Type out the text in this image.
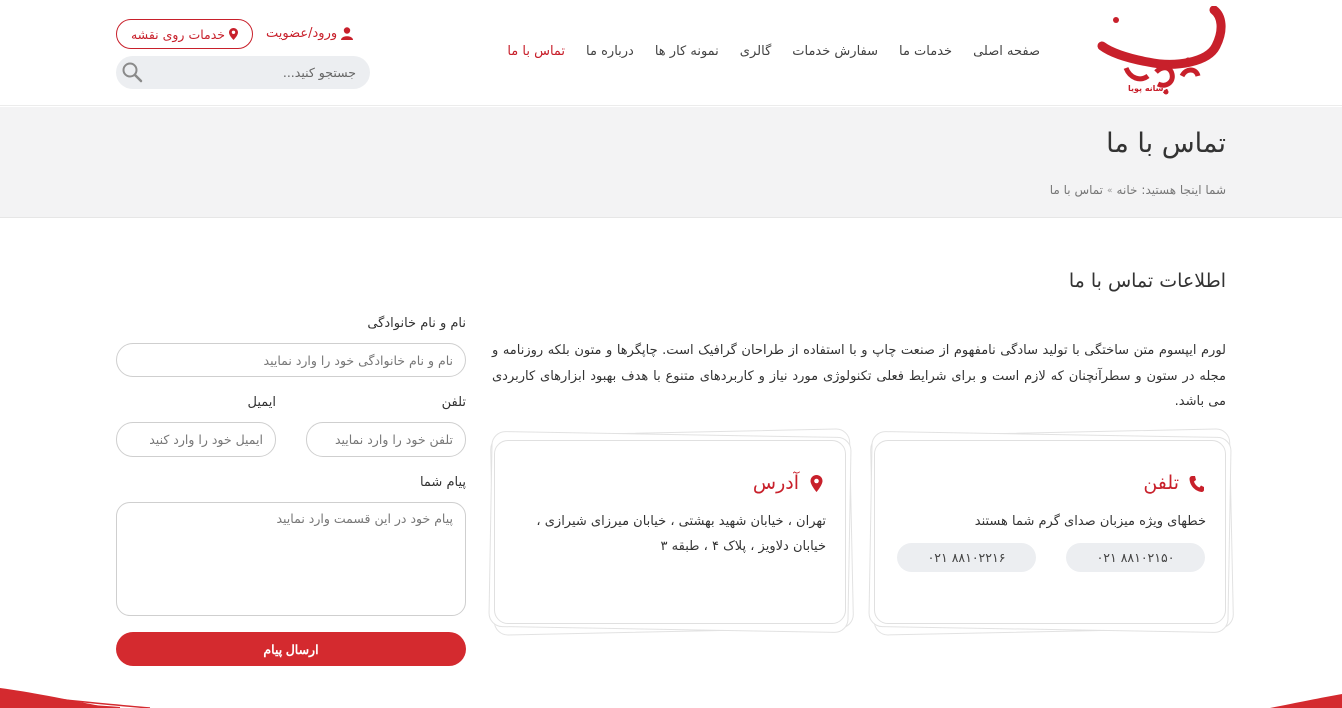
رسانه پویا
صفحه اصلی
خدمات ما
سفارش خدمات
گالری
نمونه کار ها
درباره ما
تماس با ما
ورود/عضویت
خدمات روی نقشه
جستجو کنید...
تماس با ما
شما اینجا هستید:
خانه
»
تماس با ما
اطلاعات تماس با ما
لورم ایپسوم متن ساختگی با تولید سادگی نامفهوم از صنعت چاپ و با استفاده از طراحان گرافیک است. چاپگرها و متون بلکه روزنامه و مجله در ستون و سطرآنچنان که لازم است و برای شرایط فعلی تکنولوژی مورد نیاز و کاربردهای متنوع با هدف بهبود ابزارهای کاربردی می باشد.
تلفن
خطهای ویژه میزبان صدای گرم شما هستند
۰۲۱ ۸۸۱۰۲۱۵۰
۰۲۱ ۸۸۱۰۲۲۱۶
آدرس
تهران ، خیابان شهید بهشتی ، خیابان میرزای شیرازی ،
خیابان دلاویز ، پلاک ۴ ، طبقه ۳
نام و نام خانوادگی
نام و نام خانوادگی خود را وارد نمایید
تلفن
ایمیل
تلفن خود را وارد نمایید
ایمیل خود را وارد کنید
پیام شما
پیام خود در این قسمت وارد نمایید
ارسال پیام
